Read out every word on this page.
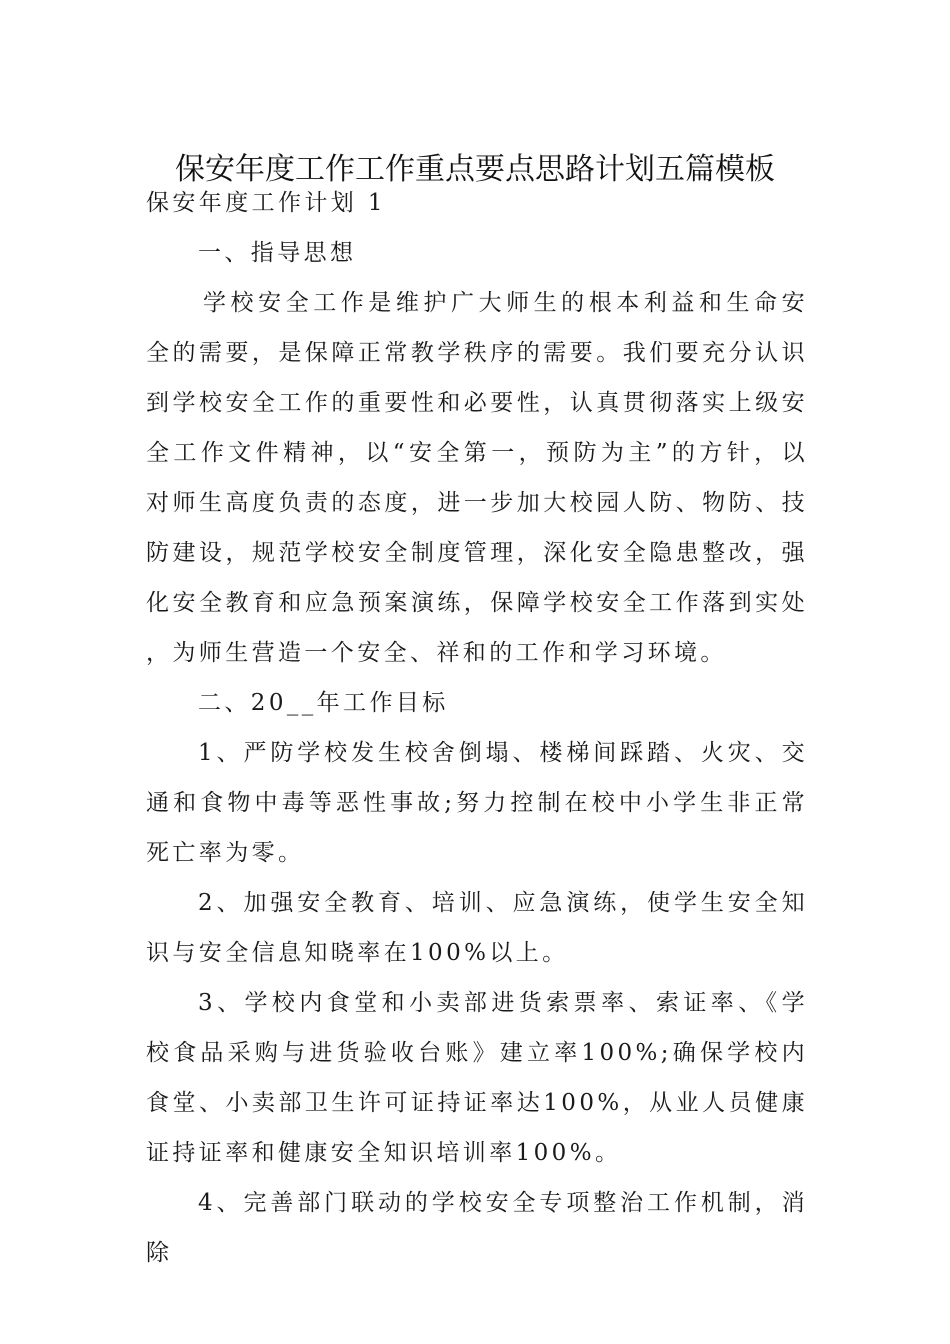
保安年度工作工作重点要点思路计划五篇模板

保安年度工作计划 1

一、指导思想

学校安全工作是维护广大师生的根本利益和生命安全的需要，是保障正常教学秩序的需要。我们要充分认识到学校安全工作的重要性和必要性，认真贯彻落实上级安全工作文件精神，以“安全第一，预防为主”的方针，以对师生高度负责的态度，进一步加大校园人防、物防、技防建设，规范学校安全制度管理，深化安全隐患整改，强化安全教育和应急预案演练，保障学校安全工作落到实处，为师生营造一个安全、祥和的工作和学习环境。

二、20__年工作目标

1、严防学校发生校舍倒塌、楼梯间踩踏、火灾、交通和食物中毒等恶性事故;努力控制在校中小学生非正常死亡率为零。

2、加强安全教育、培训、应急演练，使学生安全知识与安全信息知晓率在100%以上。

3、学校内食堂和小卖部进货索票率、索证率、《学校食品采购与进货验收台账》建立率100%;确保学校内食堂、小卖部卫生许可证持证率达100%，从业人员健康证持证率和健康安全知识培训率100%。

4、完善部门联动的学校安全专项整治工作机制，消除
